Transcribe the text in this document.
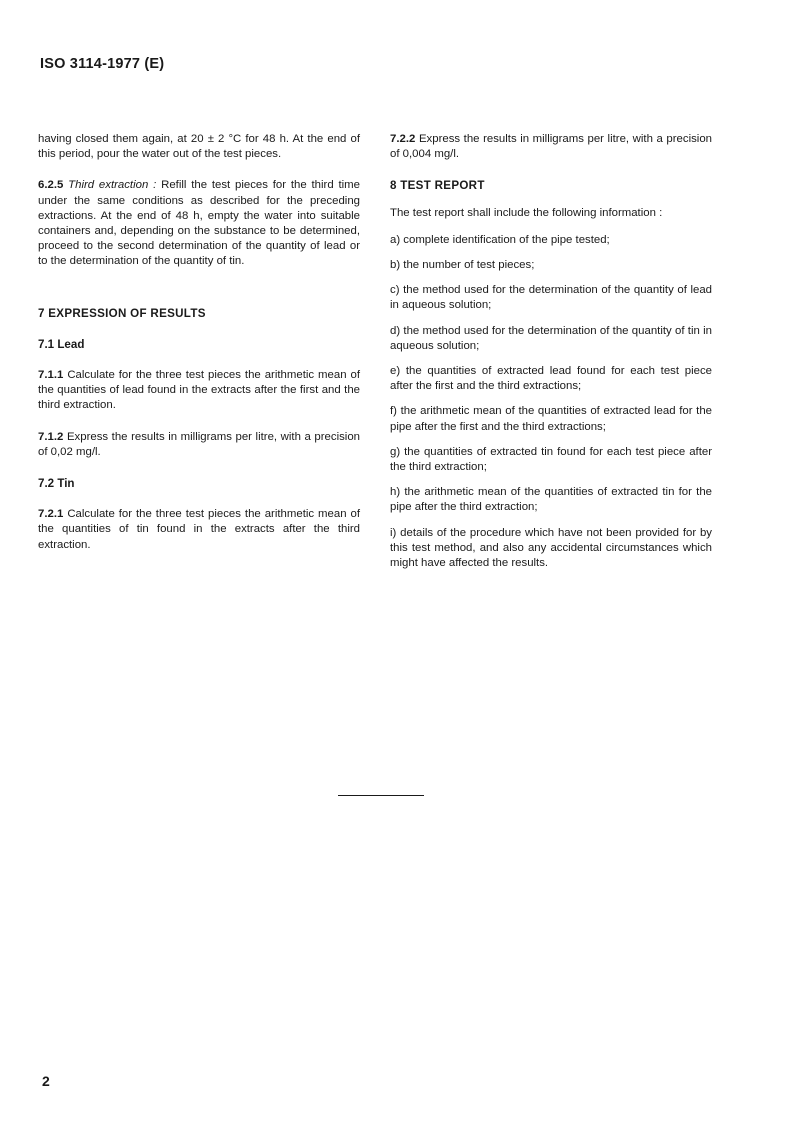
ISO 3114-1977 (E)

having closed them again, at 20 ± 2 °C for 48 h. At the end of this period, pour the water out of the test pieces.

6.2.5 Third extraction : Refill the test pieces for the third time under the same conditions as described for the preceding extractions. At the end of 48 h, empty the water into suitable containers and, depending on the substance to be determined, proceed to the second determination of the quantity of lead or to the determination of the quantity of tin.

7 EXPRESSION OF RESULTS
7.1 Lead

7.1.1 Calculate for the three test pieces the arithmetic mean of the quantities of lead found in the extracts after the first and the third extraction.

7.1.2 Express the results in milligrams per litre, with a precision of 0,02 mg/l.

7.2 Tin

7.2.1 Calculate for the three test pieces the arithmetic mean of the quantities of tin found in the extracts after the third extraction.

7.2.2 Express the results in milligrams per litre, with a precision of 0,004 mg/l.

8 TEST REPORT

The test report shall include the following information :

a) complete identification of the pipe tested;

b) the number of test pieces;

c) the method used for the determination of the quantity of lead in aqueous solution;

d) the method used for the determination of the quantity of tin in aqueous solution;

e) the quantities of extracted lead found for each test piece after the first and the third extractions;

f) the arithmetic mean of the quantities of extracted lead for the pipe after the first and the third extractions;

g) the quantities of extracted tin found for each test piece after the third extraction;

h) the arithmetic mean of the quantities of extracted tin for the pipe after the third extraction;

i) details of the procedure which have not been provided for by this test method, and also any accidental circumstances which might have affected the results.

2
